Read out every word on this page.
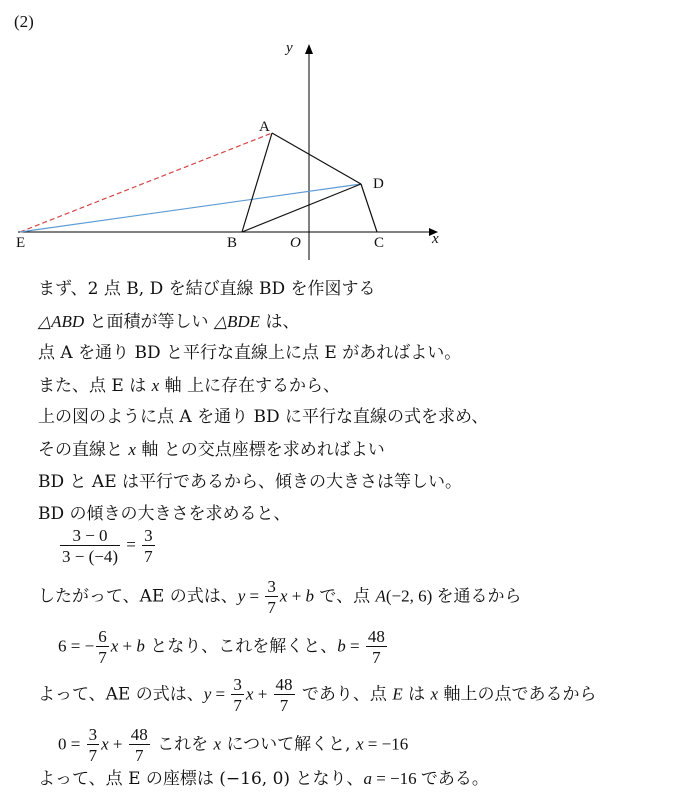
(2)
A
D
E	B	O	C	x
y
まず、2 点 B, D を結び直線 BD を作図する
△ABD と面積が等しい △BDE は、
点 A を通り BD と平行な直線上に点 E があればよい。
また、点 E は x 軸 上に存在するから、
上の図のように点 A を通り BD に平行な直線の式を求め、
その直線と x 軸 との交点座標を求めればよい
BD と AE は平行であるから、傾きの大きさは等しい。
BD の傾きの大きさを求めると、
$\frac{3 - 0}{3 - (-4)} = \frac{3}{7}$
したがって、AE の式は、$y = \frac{3}{7}$ x + b で、点 A(−2, 6) を通るから
6 = − $\frac{6}{7}$ x + b となり、これを解くと、$b = \frac{48}{7}$
よって、AE の式は、$y = \frac{3}{7}$ $x + \frac{48}{7}$ であり、点 E は x 軸上の点であるから
$0 = \frac{3}{7}$ $x + \frac{48}{7}$ これを x について解くと, x = −16
よって、点 E の座標は (−16, 0) となり、a = −16 である。
